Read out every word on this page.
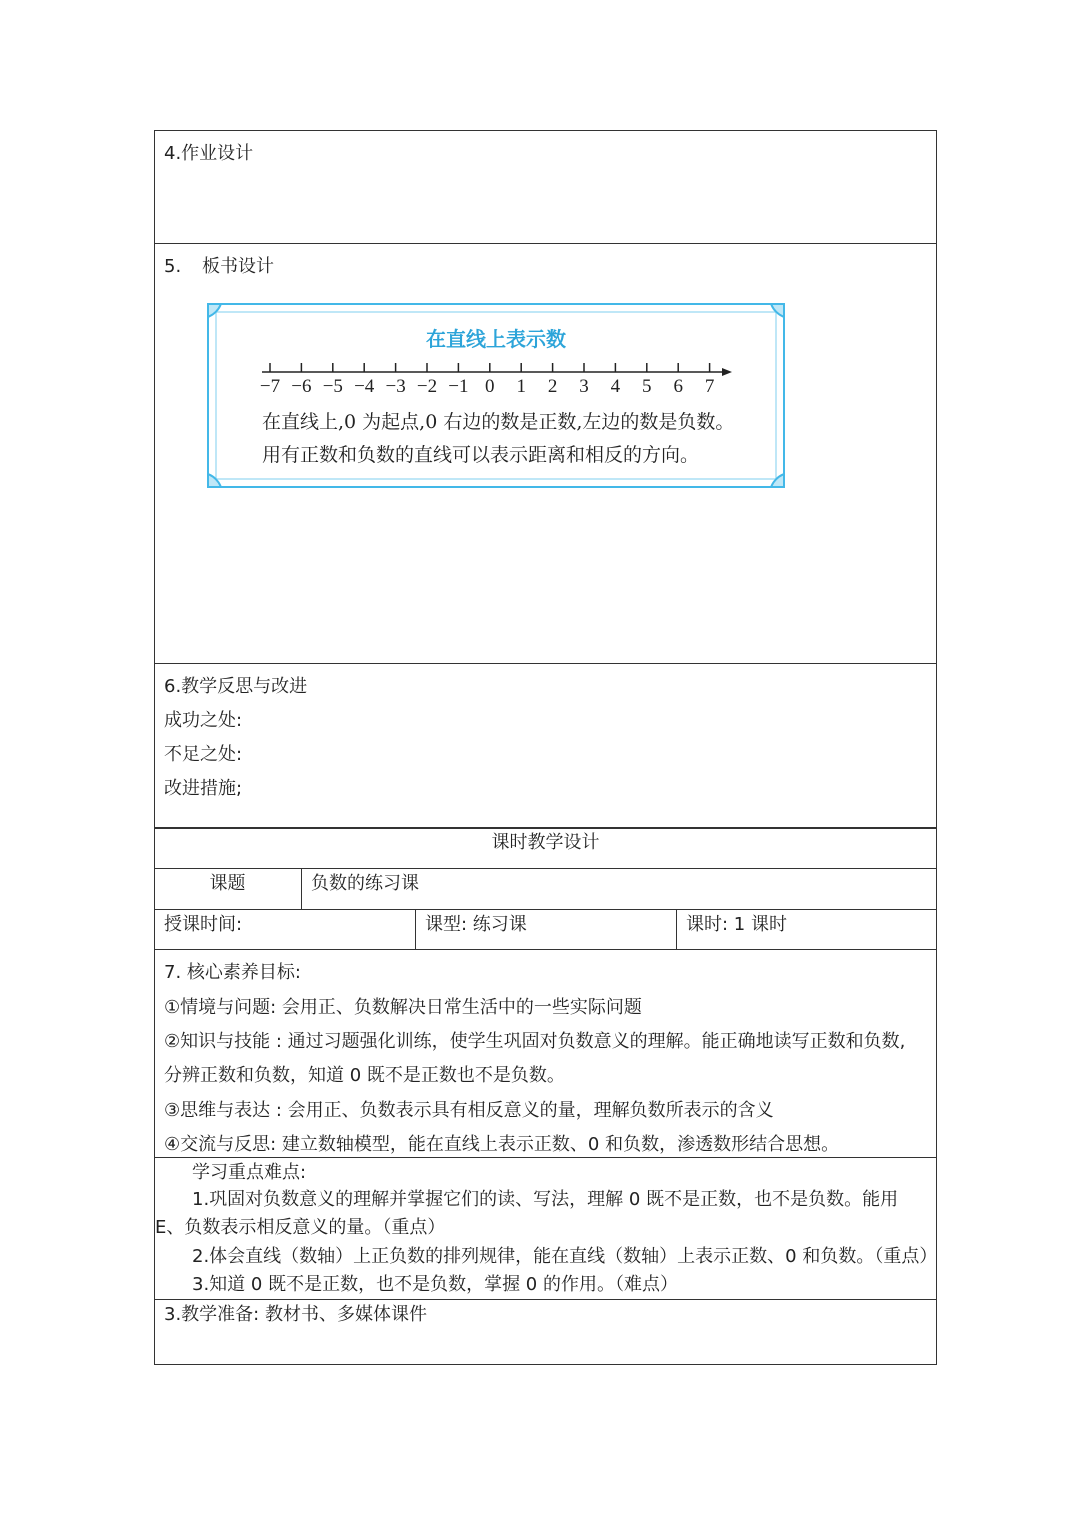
4.作业设计
5. 板书设计
在直线上表示数
−7 −6 −5 −4 −3 −2 −1 0 1 2 3 4 5 6 7
在直线上,0 为起点,0 右边的数是正数,左边的数是负数。
用有正数和负数的直线可以表示距离和相反的方向。
6.教学反思与改进
成功之处:
不足之处:
改进措施;
课时教学设计
课题	负数的练习课
授课时间:	课型: 练习课	课时: 1 课时
7. 核心素养目标:
①情境与问题: 会用正、负数解决日常生活中的一些实际问题
②知识与技能 : 通过习题强化训练，使学生巩固对负数意义的理解。能正确地读写正数和负数,
分辨正数和负数，知道 0 既不是正数也不是负数。
③思维与表达 : 会用正、负数表示具有相反意义的量，理解负数所表示的含义
④交流与反思: 建立数轴模型，能在直线上表示正数、0 和负数，渗透数形结合思想。
学习重点难点:
1.巩固对负数意义的理解并掌握它们的读、写法，理解 0 既不是正数，也不是负数。能用
E、负数表示相反意义的量。（重点）
2.体会直线（数轴）上正负数的排列规律，能在直线（数轴）上表示正数、0 和负数。（重点）
3.知道 0 既不是正数，也不是负数，掌握 0 的作用。（难点）
3.教学准备: 教材书、多媒体课件
